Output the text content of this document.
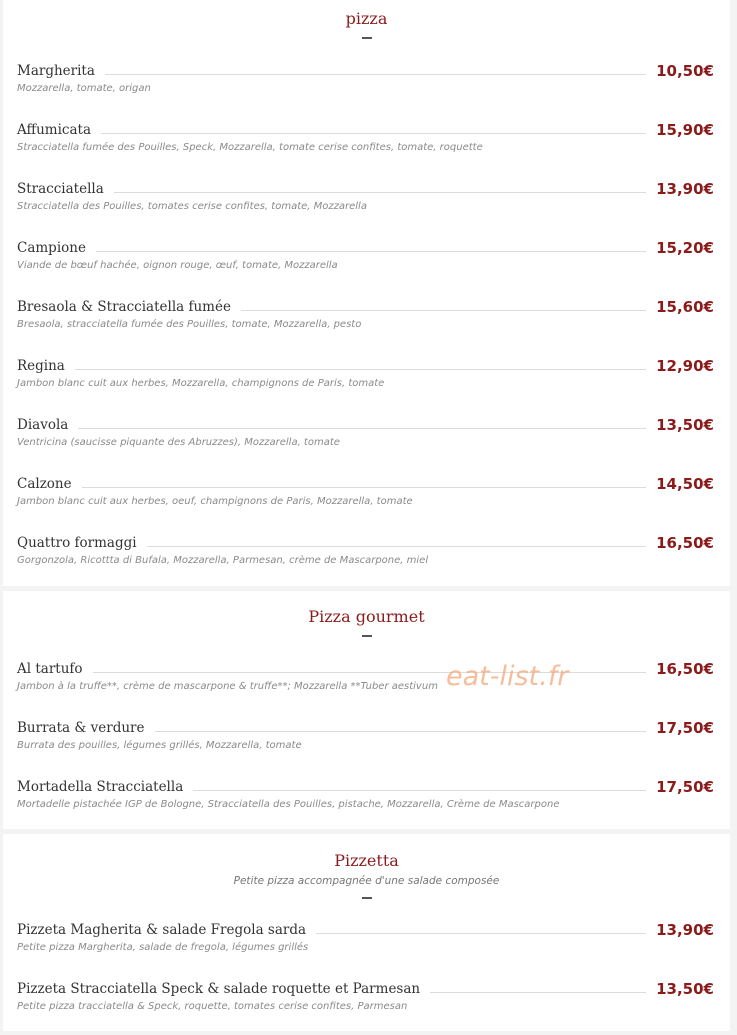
pizza
Margherita	10,50€
Mozzarella, tomate, origan
Affumicata	15,90€
Stracciatella fumée des Pouilles, Speck, Mozzarella, tomate cerise confites, tomate, roquette
Stracciatella	13,90€
Stracciatella des Pouilles, tomates cerise confites, tomate, Mozzarella
Campione	15,20€
Viande de bœuf hachée, oignon rouge, œuf, tomate, Mozzarella
Bresaola & Stracciatella fumée	15,60€
Bresaola, stracciatella fumée des Pouilles, tomate, Mozzarella, pesto
Regina	12,90€
Jambon blanc cuit aux herbes, Mozzarella, champignons de Paris, tomate
Diavola	13,50€
Ventricina (saucisse piquante des Abruzzes), Mozzarella, tomate
Calzone	14,50€
Jambon blanc cuit aux herbes, oeuf, champignons de Paris, Mozzarella, tomate
Quattro formaggi	16,50€
Gorgonzola, Ricottta di Bufala, Mozzarella, Parmesan, crème de Mascarpone, miel
Pizza gourmet
Al tartufo	16,50€
Jambon à la truffe**, crème de mascarpone & truffe**; Mozzarella **Tuber aestivum
Burrata & verdure	17,50€
Burrata des pouilles, légumes grillés, Mozzarella, tomate
Mortadella Stracciatella	17,50€
Mortadelle pistachée IGP de Bologne, Stracciatella des Pouilles, pistache, Mozzarella, Crème de Mascarpone
Pizzetta
Petite pizza accompagnée d'une salade composée
Pizzeta Magherita & salade Fregola sarda	13,90€
Petite pizza Margherita, salade de fregola, légumes grillés
Pizzeta Stracciatella Speck & salade roquette et Parmesan	13,50€
Petite pizza tracciatella & Speck, roquette, tomates cerise confites, Parmesan
eat-list.fr
